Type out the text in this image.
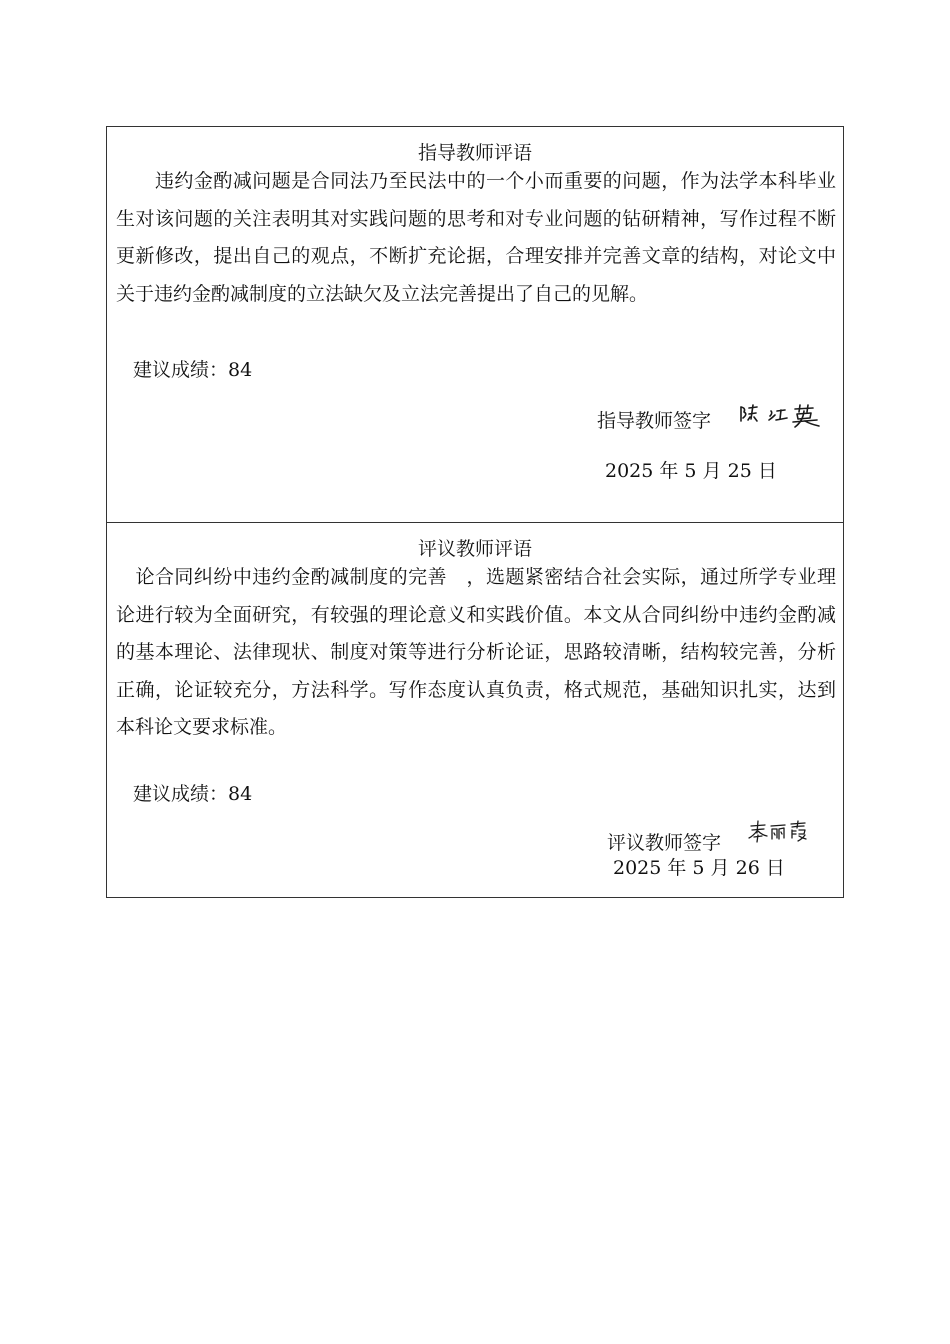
指导教师评语

　　违约金酌减问题是合同法乃至民法中的一个小而重要的问题，作为法学本科毕业生对该问题的关注表明其对实践问题的思考和对专业问题的钻研精神，写作过程不断更新修改，提出自己的观点，不断扩充论据，合理安排并完善文章的结构，对论文中关于违约金酌减制度的立法缺欠及立法完善提出了自己的见解。

建议成绩：84
指导教师签字
2025 年 5 月 25 日
评议教师评语

　论合同纠纷中违约金酌减制度的完善　，选题紧密结合社会实际，通过所学专业理论进行较为全面研究，有较强的理论意义和实践价值。本文从合同纠纷中违约金酌减的基本理论、法律现状、制度对策等进行分析论证，思路较清晰，结构较完善，分析正确，论证较充分，方法科学。写作态度认真负责，格式规范，基础知识扎实，达到本科论文要求标准。

建议成绩：84
评议教师签字
2025 年 5 月 26 日
